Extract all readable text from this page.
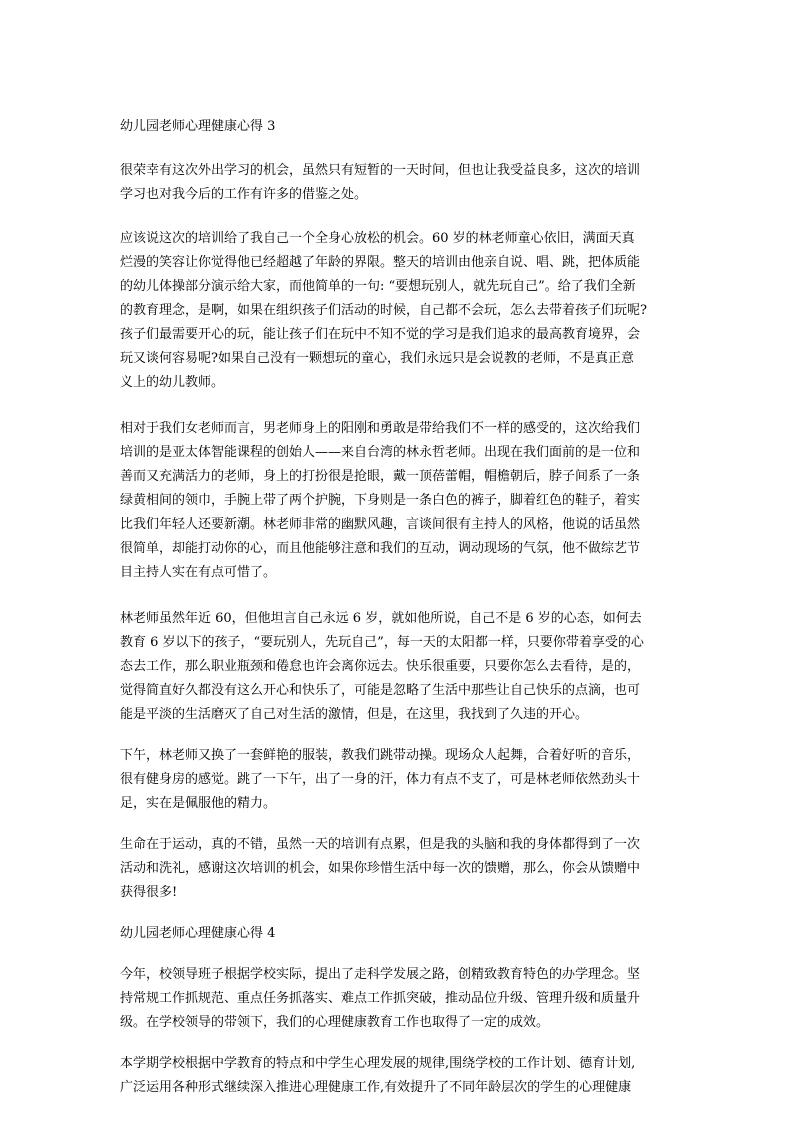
幼儿园老师心理健康心得 3

很荣幸有这次外出学习的机会，虽然只有短暂的一天时间，但也让我受益良多，这次的培训
学习也对我今后的工作有许多的借鉴之处。

应该说这次的培训给了我自己一个全身心放松的机会。60 岁的林老师童心依旧，满面天真
烂漫的笑容让你觉得他已经超越了年龄的界限。整天的培训由他亲自说、唱、跳，把体质能
的幼儿体操部分演示给大家，而他简单的一句: “要想玩别人，就先玩自己”。给了我们全新
的教育理念，是啊，如果在组织孩子们活动的时候，自己都不会玩，怎么去带着孩子们玩呢?
孩子们最需要开心的玩，能让孩子们在玩中不知不觉的学习是我们追求的最高教育境界，会
玩又谈何容易呢?如果自己没有一颗想玩的童心，我们永远只是会说教的老师，不是真正意
义上的幼儿教师。

相对于我们女老师而言，男老师身上的阳刚和勇敢是带给我们不一样的感受的，这次给我们
培训的是亚太体智能课程的创始人——来自台湾的林永哲老师。出现在我们面前的是一位和
善而又充满活力的老师，身上的打扮很是抢眼，戴一顶蓓蕾帽，帽檐朝后，脖子间系了一条
绿黄相间的领巾，手腕上带了两个护腕，下身则是一条白色的裤子，脚着红色的鞋子，着实
比我们年轻人还要新潮。林老师非常的幽默风趣，言谈间很有主持人的风格，他说的话虽然
很简单，却能打动你的心，而且他能够注意和我们的互动，调动现场的气氛，他不做综艺节
目主持人实在有点可惜了。

林老师虽然年近 60，但他坦言自己永远 6 岁，就如他所说，自己不是 6 岁的心态，如何去
教育 6 岁以下的孩子，“要玩别人，先玩自己”，每一天的太阳都一样，只要你带着享受的心
态去工作，那么职业瓶颈和倦怠也许会离你远去。快乐很重要，只要你怎么去看待，是的，
觉得简直好久都没有这么开心和快乐了，可能是忽略了生活中那些让自己快乐的点滴，也可
能是平淡的生活磨灭了自己对生活的激情，但是，在这里，我找到了久违的开心。

下午，林老师又换了一套鲜艳的服装，教我们跳带动操。现场众人起舞，合着好听的音乐，
很有健身房的感觉。跳了一下午，出了一身的汗，体力有点不支了，可是林老师依然劲头十
足，实在是佩服他的精力。

生命在于运动，真的不错，虽然一天的培训有点累，但是我的头脑和我的身体都得到了一次
活动和洗礼，感谢这次培训的机会，如果你珍惜生活中每一次的馈赠，那么，你会从馈赠中
获得很多!

幼儿园老师心理健康心得 4

今年，校领导班子根据学校实际，提出了走科学发展之路，创精致教育特色的办学理念。坚
持常规工作抓规范、重点任务抓落实、难点工作抓突破，推动品位升级、管理升级和质量升
级。在学校领导的带领下，我们的心理健康教育工作也取得了一定的成效。

本学期学校根据中学教育的特点和中学生心理发展的规律,围绕学校的工作计划、德育计划,
广泛运用各种形式继续深入推进心理健康工作,有效提升了不同年龄层次的学生的心理健康
